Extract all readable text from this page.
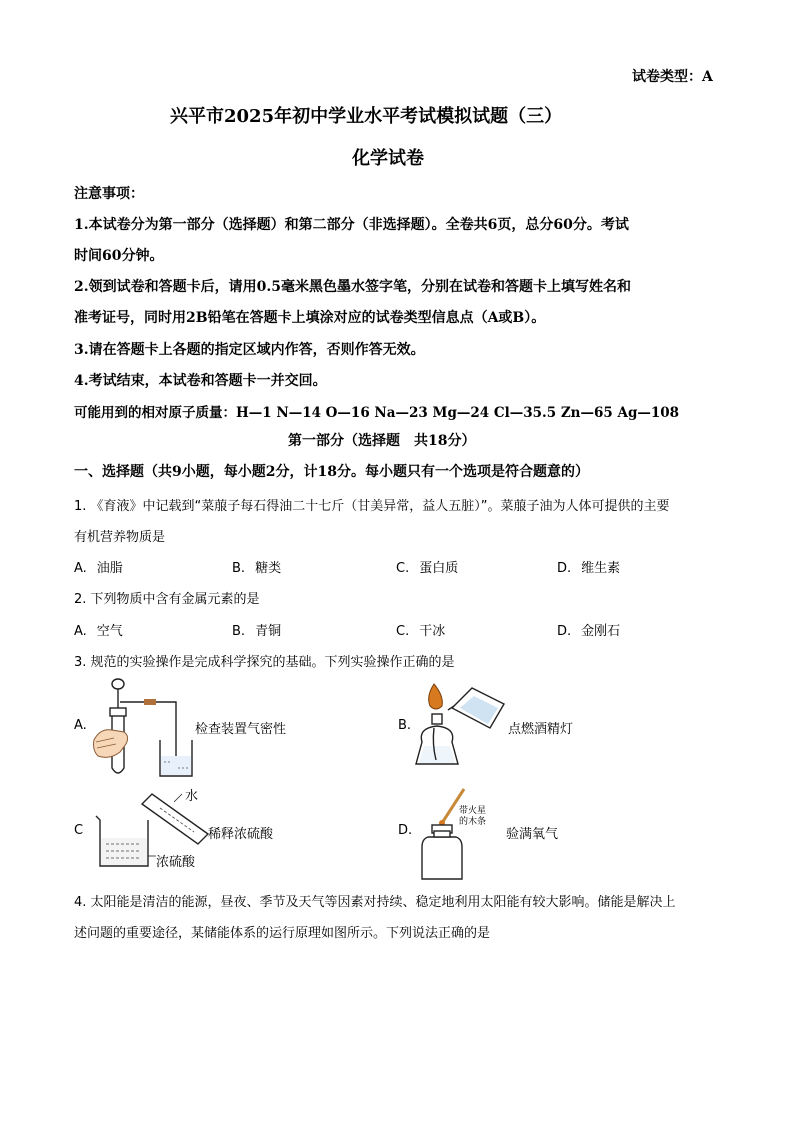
试卷类型：A
兴平市2025年初中学业水平考试模拟试题（三）
化学试卷
注意事项：
1.本试卷分为第一部分（选择题）和第二部分（非选择题）。全卷共6页，总分60分。考试
时间60分钟。
2.领到试卷和答题卡后，请用0.5毫米黑色墨水签字笔，分别在试卷和答题卡上填写姓名和
准考证号，同时用2B铅笔在答题卡上填涂对应的试卷类型信息点（A或B）。
3.请在答题卡上各题的指定区域内作答，否则作答无效。
4.考试结束，本试卷和答题卡一并交回。
可能用到的相对原子质量：H—1 N—14 O—16 Na—23 Mg—24 Cl—35.5 Zn—65 Ag—108
第一部分（选择题　共18分）
一、选择题（共9小题，每小题2分，计18分。每小题只有一个选项是符合题意的）
1. 《育液》中记载到“菜菔子每石得油二十七斤（甘美异常，益人五脏）”。菜菔子油为人体可提供的主要
有机营养物质是
A. 油脂	B. 糖类	C. 蛋白质	D. 维生素
2. 下列物质中含有金属元素的是
A. 空气	B. 青铜	C. 干冰	D. 金刚石
3. 规范的实验操作是完成科学探究的基础。下列实验操作正确的是
A.	检查装置气密性	B.	点燃酒精灯
C
水
稀释浓硫酸
浓硫酸
D.
带火星
的木条
验满氧气
4. 太阳能是清洁的能源，昼夜、季节及天气等因素对持续、稳定地利用太阳能有较大影响。储能是解决上
述问题的重要途径，某储能体系的运行原理如图所示。下列说法正确的是
